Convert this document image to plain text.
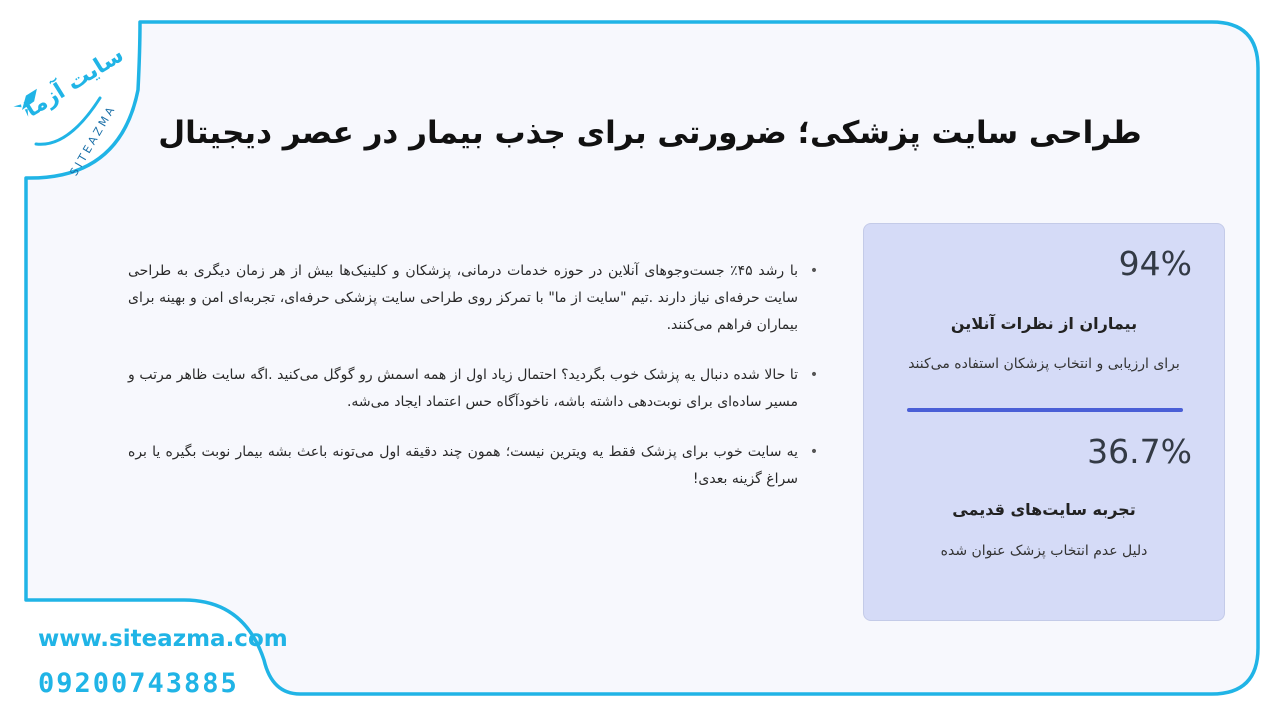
سایت آزما
SITEAZMA طراحی سایت پزشکی؛ ضرورتی برای جذب بیمار در عصر دیجیتال
•
با رشد ۴۵٪ جست‌وجوهای آنلاین در حوزه خدمات درمانی، پزشکان و کلینیک‌ها بیش از هر زمان دیگری به طراحی سایت حرفه‌ای نیاز دارند .تیم "سایت از ما" با تمرکز روی طراحی سایت پزشکی حرفه‌ای، تجربه‌ای امن و بهینه برای بیماران فراهم می‌کنند.
•
تا حالا شده دنبال یه پزشک خوب بگردید؟ احتمال زیاد اول از همه اسمش رو گوگل می‌کنید .اگه سایت ظاهر مرتب و مسیر ساده‌ای برای نوبت‌دهی داشته باشه، ناخودآگاه حس اعتماد ایجاد می‌شه.
•
یه سایت خوب برای پزشک فقط یه ویترین نیست؛ همون چند دقیقه اول می‌تونه باعث بشه بیمار نوبت بگیره یا بره سراغ گزینه بعدی!
94%
بیماران از نظرات آنلاین
برای ارزیابی و انتخاب پزشکان استفاده می‌کنند
36.7%
تجربه سایت‌های قدیمی
دلیل عدم انتخاب پزشک عنوان شده
www.siteazma.com
09200743885
